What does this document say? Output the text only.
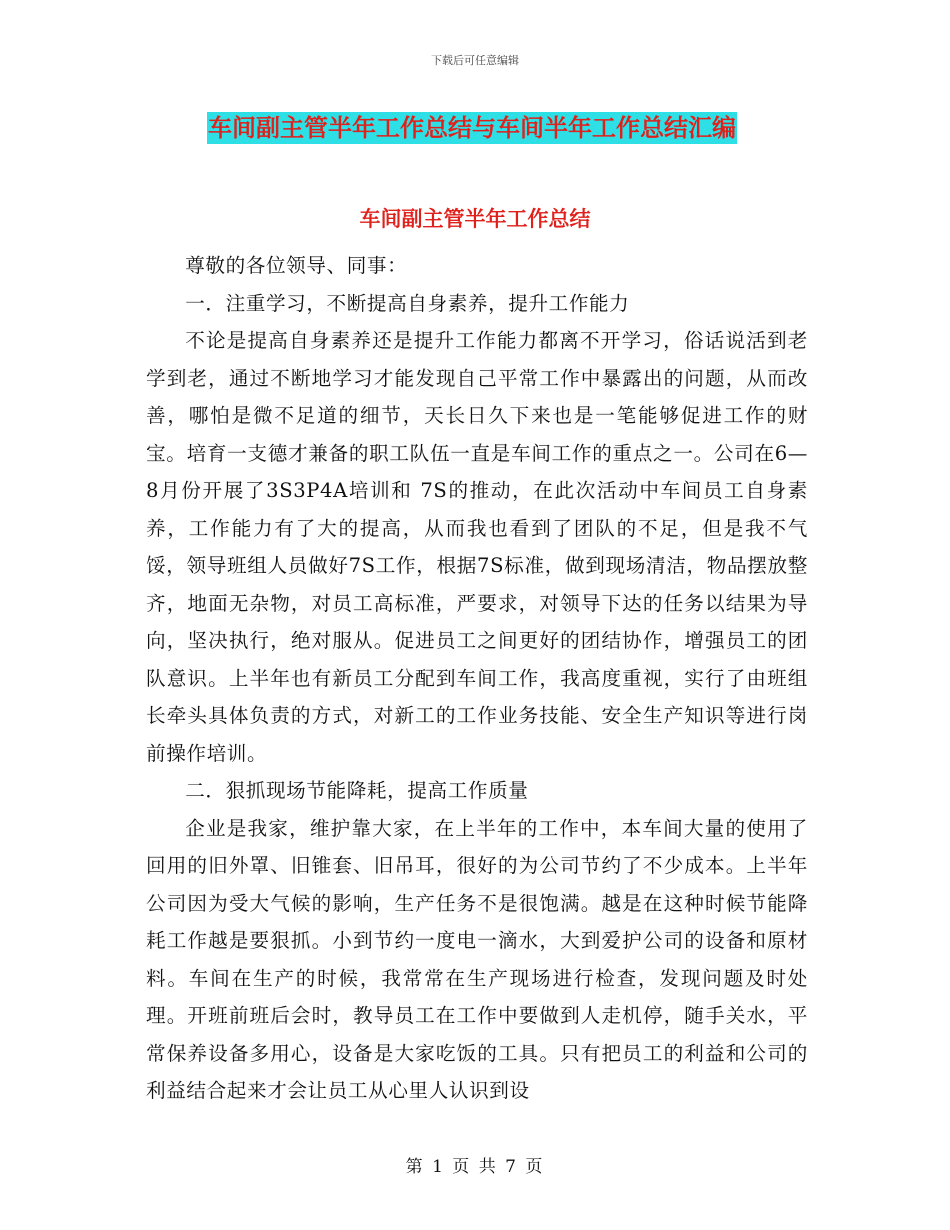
下载后可任意编辑
车间副主管半年工作总结与车间半年工作总结汇编
车间副主管半年工作总结

尊敬的各位领导、同事：

一．注重学习，不断提高自身素养，提升工作能力

不论是提高自身素养还是提升工作能力都离不开学习，俗话说活到老学到老，通过不断地学习才能发现自己平常工作中暴露出的问题，从而改善，哪怕是微不足道的细节，天长日久下来也是一笔能够促进工作的财宝。培育一支德才兼备的职工队伍一直是车间工作的重点之一。公司在6—8月份开展了3S3P4A培训和 7S的推动，在此次活动中车间员工自身素养，工作能力有了大的提高，从而我也看到了团队的不足，但是我不气馁，领导班组人员做好7S工作，根据7S标准，做到现场清洁，物品摆放整齐，地面无杂物，对员工高标准，严要求，对领导下达的任务以结果为导向，坚决执行，绝对服从。促进员工之间更好的团结协作，增强员工的团队意识。上半年也有新员工分配到车间工作，我高度重视，实行了由班组长牵头具体负责的方式，对新工的工作业务技能、安全生产知识等进行岗前操作培训。

二．狠抓现场节能降耗，提高工作质量

企业是我家，维护靠大家，在上半年的工作中，本车间大量的使用了回用的旧外罩、旧锥套、旧吊耳，很好的为公司节约了不少成本。上半年公司因为受大气候的影响，生产任务不是很饱满。越是在这种时候节能降耗工作越是要狠抓。小到节约一度电一滴水，大到爱护公司的设备和原材料。车间在生产的时候，我常常在生产现场进行检查，发现问题及时处理。开班前班后会时，教导员工在工作中要做到人走机停，随手关水，平常保养设备多用心，设备是大家吃饭的工具。只有把员工的利益和公司的利益结合起来才会让员工从心里人认识到设

第 1 页 共 7 页
